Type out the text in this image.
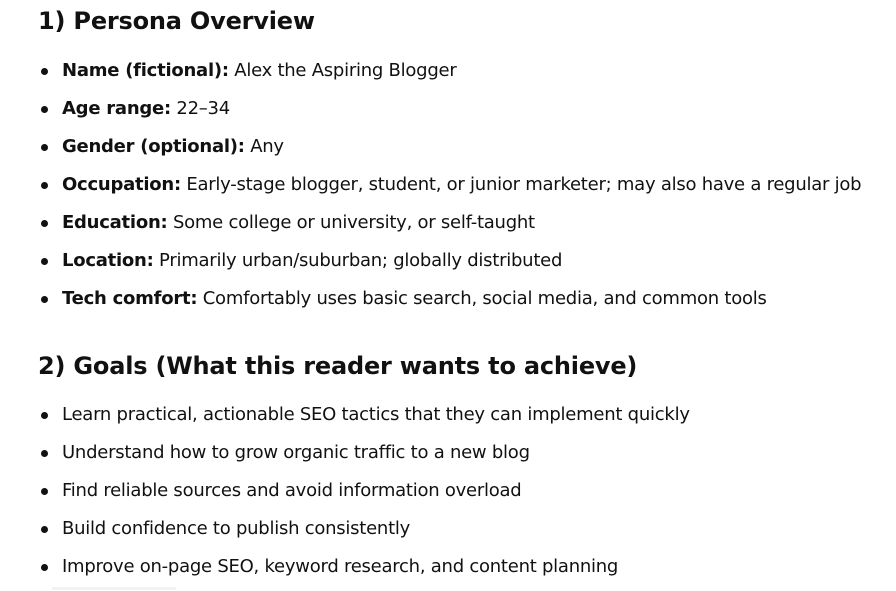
1) Persona Overview
Name (fictional): Alex the Aspiring Blogger
Age range: 22–34
Gender (optional): Any
Occupation: Early-stage blogger, student, or junior marketer; may also have a regular job
Education: Some college or university, or self-taught
Location: Primarily urban/suburban; globally distributed
Tech comfort: Comfortably uses basic search, social media, and common tools
2) Goals (What this reader wants to achieve)
Learn practical, actionable SEO tactics that they can implement quickly
Understand how to grow organic traffic to a new blog
Find reliable sources and avoid information overload
Build confidence to publish consistently
Improve on-page SEO, keyword research, and content planning
